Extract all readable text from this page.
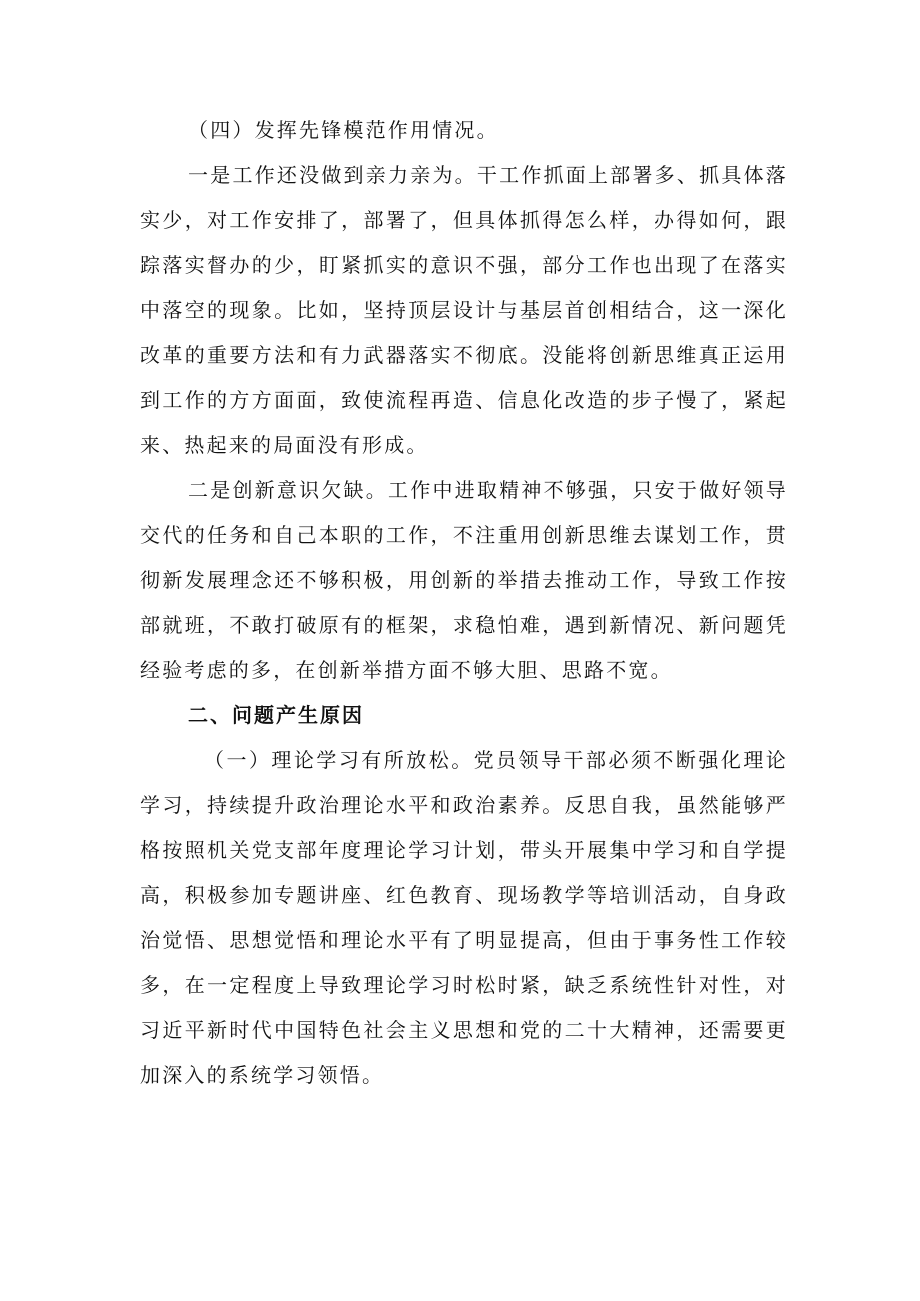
（四）发挥先锋模范作用情况。

一是工作还没做到亲力亲为。干工作抓面上部署多、抓具体落实少，对工作安排了，部署了，但具体抓得怎么样，办得如何，跟踪落实督办的少，盯紧抓实的意识不强，部分工作也出现了在落实中落空的现象。比如，坚持顶层设计与基层首创相结合，这一深化改革的重要方法和有力武器落实不彻底。没能将创新思维真正运用到工作的方方面面，致使流程再造、信息化改造的步子慢了，紧起来、热起来的局面没有形成。

二是创新意识欠缺。工作中进取精神不够强，只安于做好领导交代的任务和自己本职的工作，不注重用创新思维去谋划工作，贯彻新发展理念还不够积极，用创新的举措去推动工作，导致工作按部就班，不敢打破原有的框架，求稳怕难，遇到新情况、新问题凭经验考虑的多，在创新举措方面不够大胆、思路不宽。

二、问题产生原因

（一）理论学习有所放松。党员领导干部必须不断强化理论学习，持续提升政治理论水平和政治素养。反思自我，虽然能够严格按照机关党支部年度理论学习计划，带头开展集中学习和自学提高，积极参加专题讲座、红色教育、现场教学等培训活动，自身政治觉悟、思想觉悟和理论水平有了明显提高，但由于事务性工作较多，在一定程度上导致理论学习时松时紧，缺乏系统性针对性，对习近平新时代中国特色社会主义思想和党的二十大精神，还需要更加深入的系统学习领悟。
